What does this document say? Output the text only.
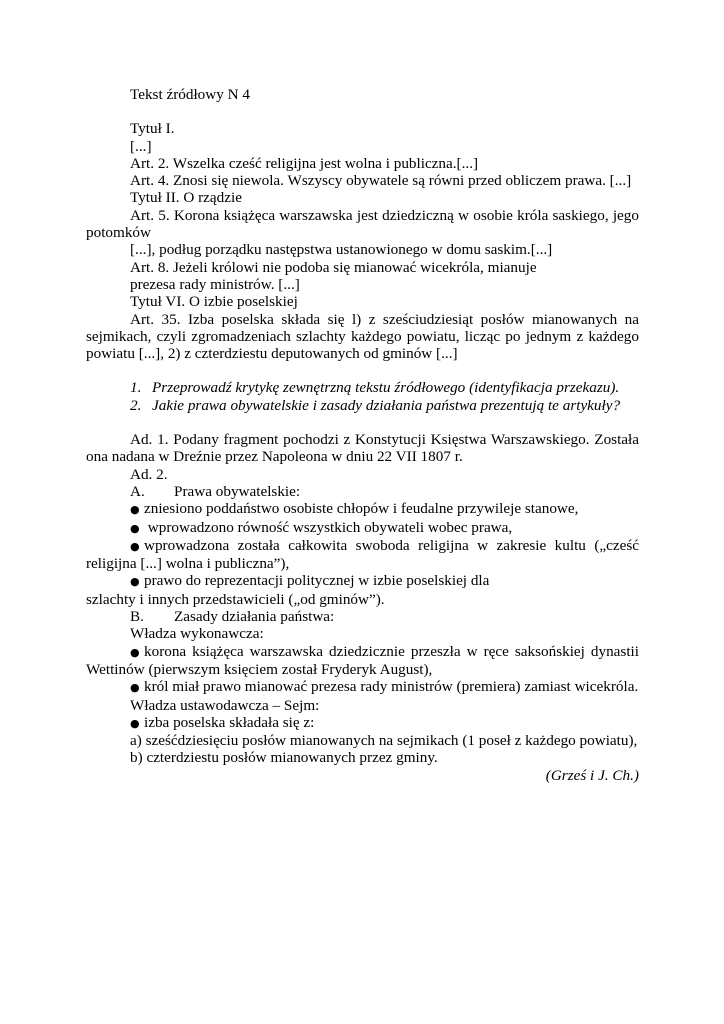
Tekst źródłowy N 4

Tytuł I.

[...]

Art. 2. Wszelka cześć religijna jest wolna i publiczna.[...]

Art. 4. Znosi się niewola. Wszyscy obywatele są równi przed obliczem prawa. [...]

Tytuł II. O rządzie

Art. 5. Korona książęca warszawska jest dziedziczną w osobie króla saskiego, jego potomków

[...], podług porządku następstwa ustanowionego w domu saskim.[...]

Art. 8. Jeżeli królowi nie podoba się mianować wicekróla, mianuje prezesa rady ministrów. [...]

Tytuł VI. O izbie poselskiej

Art. 35. Izba poselska składa się l) z sześciudziesiąt posłów mianowanych na sejmikach, czyli zgromadzeniach szlachty każdego powiatu, licząc po jednym z każdego powiatu [...], 2) z czterdziestu deputowanych od gminów [...]

1. Przeprowadź krytykę zewnętrzną tekstu źródłowego (identyfikacja przekazu).

2. Jakie prawa obywatelskie i zasady działania państwa prezentują te artykuły?

Ad. 1. Podany fragment pochodzi z Konstytucji Księstwa Warszawskiego. Została ona nadana w Dreźnie przez Napoleona w dniu 22 VII 1807 r.

Ad. 2.

A. Prawa obywatelskie:

● zniesiono poddaństwo osobiste chłopów i feudalne przywileje stanowe,

● wprowadzono równość wszystkich obywateli wobec prawa,

● wprowadzona została całkowita swoboda religijna w zakresie kultu („cześć religijna [...] wolna i publiczna”),

● prawo do reprezentacji politycznej w izbie poselskiej dla szlachty i innych przedstawicieli („od gminów”).

B. Zasady działania państwa:

Władza wykonawcza:

● korona książęca warszawska dziedzicznie przeszła w ręce saksońskiej dynastii Wettinów (pierwszym księciem został Fryderyk August),

● król miał prawo mianować prezesa rady ministrów (premiera) zamiast wicekróla.

Władza ustawodawcza – Sejm:

● izba poselska składała się z:

a) sześćdziesięciu posłów mianowanych na sejmikach (1 poseł z każdego powiatu),

b) czterdziestu posłów mianowanych przez gminy.

(Grześ i J. Ch.)
